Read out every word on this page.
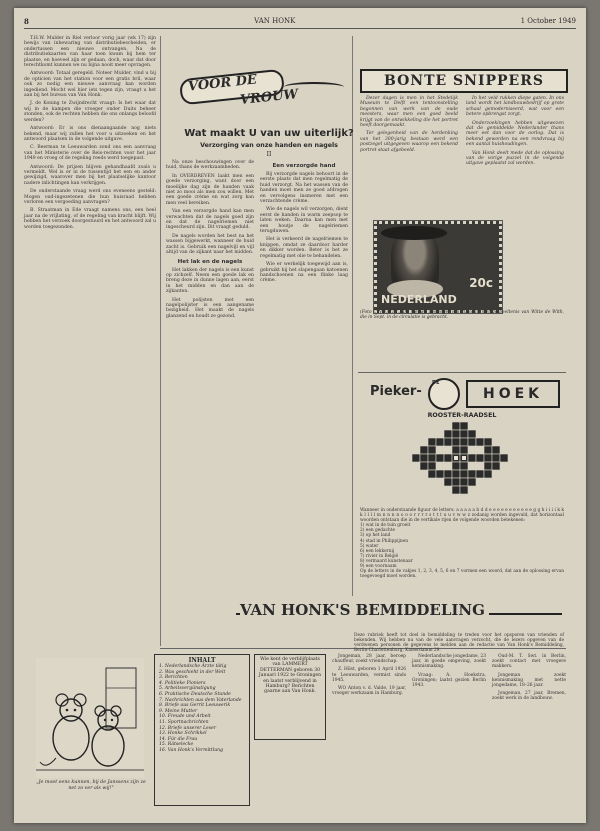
8	VAN HONK	1 October 1949

T.H.W. Mulder in Riel verloor vorig jaar (wk 17) zijn bewijs van inbewaring van distributiebescheiden, er ondertussen een nieuwe ontvangen. Na de distributiekaarten van haar toen kwam bij hem ter plaatse, en hoeveel zijn er gedaan, doch, waar dat door terechtkomt kunnen we nu bijna nooit meer opvragen.

Antwoord: Totaal geregeld. Noteer Mulder, vind u bij de opticien van het station voor een gratis bril, waar ook zo nodig een nieuwe aanvraag kan worden ingediend. Mocht wel hier iets tegen zijn, vraagt u het aan bij het bureau van Van Honk.

J. de Koning te Zwijndrecht vraagt: Is het waar dat wij in de kampen die vroeger onder Duits beheer stonden, ook de rechten hebben die ons onlangs beloofd werden?

Antwoord: Er is ons dienaangaande nog niets bekend, maar wij zullen het voor u uitzoeken en het antwoord plaatsen in de volgende uitgave.

C. Beerman te Leeuwarden zond ons een aanvraag van het Ministerie over de Reis-rechten voor het jaar 1949 en vroeg of de regeling reeds werd toegepast.

Antwoord: De prijzen blijven gehandhaafd zoals u vermeldt. Wel is er in de tussentijd het een en ander gewijzigd, waarover men bij het plaatselijke kantoor nadere inlichtingen kan verkrijgen.

De onderstaande vraag werd ons eveneens gesteld: Mogen oud-ingezetenen die hun huisraad hebben verloren een vergoeding aanvragen?

B. Straatman in Ede vraagt namens ons, een heel jaar na de vrijlating, of de regeling van kracht blijft. Wij hebben het verzoek doorgestuurd en het antwoord zal u worden toegezonden.

VOOR DE
VROUW
Wat maakt U van uw uiterlijk?
Verzorging van onze handen en nagels
II

Na onze beschouwingen over de huid, thans de werkzaamheden.

In OVERDREVEN laakt men een goede verzorging, want door een moeilijke dag zijn de handen vaak niet zo mooi als men zou willen. Met een goede crème en wat zorg kan men veel bereiken.

Van een verzorgde hand kan men verwachten dat de nagels goed zijn en dat de nagelriemen niet ingescheurd zijn. Dit vraagt geduld.

De nagels worden het best na het wassen bijgewerkt, wanneer de huid zacht is. Gebruik een nagelvijl en vijl altijd van de zijkant naar het midden.

Het lak en de nagels

Het lakken der nagels is een kunst op zichzelf. Neem een goede lak en breng deze in dunne lagen aan, eerst in het midden en dan aan de zijkanten.

Het polijsten met een nagelpolijster is een aangename bezigheid. Het maakt de nagels glanzend en houdt ze gezond.

Een verzorgde hand

Bij verzorgde nagels behoort in de eerste plaats dat men regelmatig de huid verzorgt. Na het wassen van de handen moet men ze goed afdrogen en vervolgens insmeren met een verzachtende crème.

Wie de nagels wil verzorgen, dient eerst de handen in warm zeepsop te laten weken. Daarna kan men met een houtje de nagelriemen terugduwen.

Het is verkeerd de nagelriemen te knippen, omdat ze daardoor harder en dikker worden. Beter is het ze regelmatig met olie te behandelen.

Wie er werkelijk toegewijd aan is, gebruikt bij het slapengaan katoenen handschoenen na een flinke laag crème.

BONTE SNIPPERS

Dezer dagen is men in het Stedelijk Museum te Delft een tentoonstelling begonnen van werk van de oude meesters, waar men een goed beeld krijgt van de ontwikkeling die het portret heeft doorgemaakt.

Ter gelegenheid van de herdenking van het 300-jarig bestaan werd een postzegel uitgegeven waarop een bekend portret staat afgebeeld.

In het veld rukken diepe gaten. In ons land wordt het landbouwbedrijf op grote schaal gemoderniseerd, wat voor een betere opbrengst zorgt.

Onderzoekingen hebben uitgewezen dat de gemiddelde Nederlander thans meer eet dan voor de oorlog. Dat is bekend geworden na een rondvraag bij een aantal huishoudingen.

Van Honk deelt mede dat de oplossing van de vorige puzzel in de volgende uitgave geplaatst zal worden.

NEDERLAND
20c
(Foto C.N.F./P.T.T.) De nieuwe postzegel van 20 cent, met de beeltenis van Witte de With, die in Sept. in de circulatie is gebracht.
Pieker-
DE
HOEK
ROOSTER-RAADSEL
Wanneer in onderstaande figuur de letters: a a a a a b d d e e e e e e e e e e e g g h i i i i k k k l l l l m n n n n o o o r r r r s t t t u u v w w z zodanig worden ingevuld, dat horizontaal woorden ontstaan die in de vertikale rijen de volgende woorden betekenen:
1) wat in de tuin groeit
2) een gedachte
3) op het land
4) stad in Philippijnen
5) water
6) een lekkernij
7) rivier in België
8) vermaard kunstenaar
9) een voornaam
Op de letters in de vakjes 1, 2, 3, 4, 5, 6 en 7 vormen een woord, dat aan de oplossing ervan toegevoegd moet worden.
VAN HONK'S BEMIDDELING
Deze rubriek heeft tot doel in bemiddeling te treden voor het opsporen van vrienden of bekenden. Wij hebben nu van de vele aanvragen verzocht, die de lezers opgeven van de verdwenen personen de gegevens te melden aan de redactie van Van Honk's Bemiddeling, Beriin-Charlottenburg, Kaiserdamm 29.
„Je moet eens kunnen, bij de Janssens zijn ze net zo ver als wij!"
INHALT
1. Nederlandsche Ärzte tätig
2. Was geschieht in der Welt
3. Berichten
4. Politieke Pioniers
5. Arbeitsvergünstigung
6. Praktische Deutsche Stunde
7. Nachrichten aus dem Vaterlande
8. Briefe aus Gerrit Leeuwerik
9. Meine Mutter
10. Freude und Arbeit
11. Sportnachrichten
12. Briefe unserer Leser
13. Honke Schrikkel
14. Für die Frau
15. Rätselecke
16. Van Honk's Vermittlung
Wie kent de verblijfplaats van LAMMERT DETTERMAN geboren 30 Januari 1922 te Groningen en laatst verblijvend in Hamburg? Berichten gaarne aan Van Honk.

Jongeman, 28 jaar, beroep chauffeur, zoekt vriendschap.

Z. Hilst, geboren 1 April 1926 te Leeuwarden, vermist sinds 1945.

WO Anton v. d. Valde, 19 jaar, vroeger werkzaam in Hamburg.

Nederlandsche jongedame, 23 jaar, in goede omgeving, zoekt kennismaking.

Vraag: A. Hoekstra, Groningen; laatst gezien Berlin 1943.

Oud-M. T. Swt. in Berlin, zoekt contact met vroegere makkers.

Jongeman zoekt kennismaking met nette jongedame, 18–26 jaar.

Jongeman, 27 jaar, Bremen, zoekt werk in de landbouw.
